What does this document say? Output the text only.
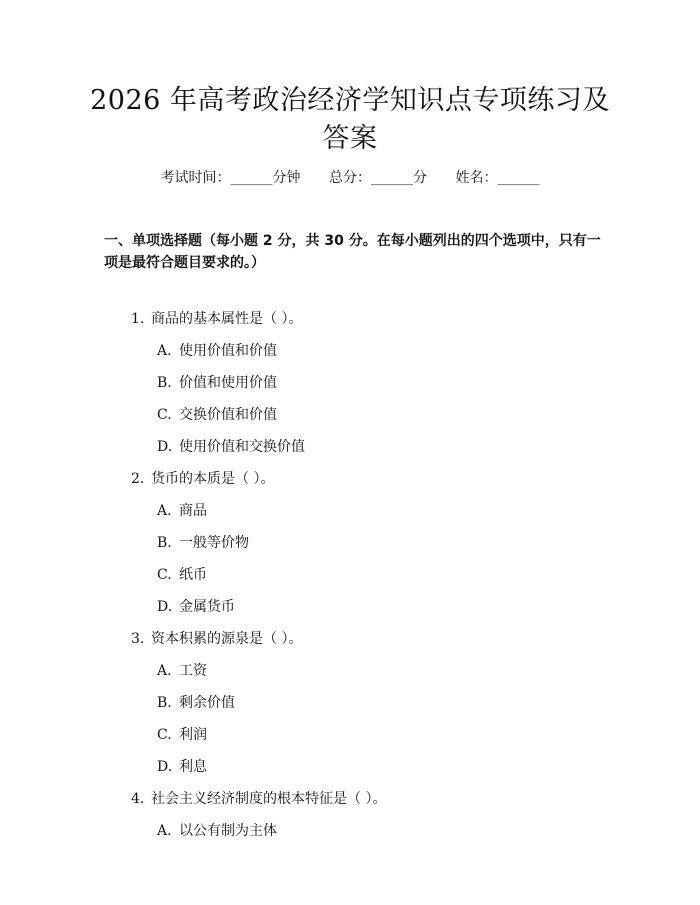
2026 年高考政治经济学知识点专项练习及答案
考试时间：______分钟 总分：______分 姓名：______
一、单项选择题（每小题 2 分，共 30 分。在每小题列出的四个选项中，只有一项是最符合题目要求的。）
1. 商品的基本属性是（ ）。
A. 使用价值和价值
B. 价值和使用价值
C. 交换价值和价值
D. 使用价值和交换价值
2. 货币的本质是（ ）。
A. 商品
B. 一般等价物
C. 纸币
D. 金属货币
3. 资本积累的源泉是（ ）。
A. 工资
B. 剩余价值
C. 利润
D. 利息
4. 社会主义经济制度的根本特征是（ ）。
A. 以公有制为主体
